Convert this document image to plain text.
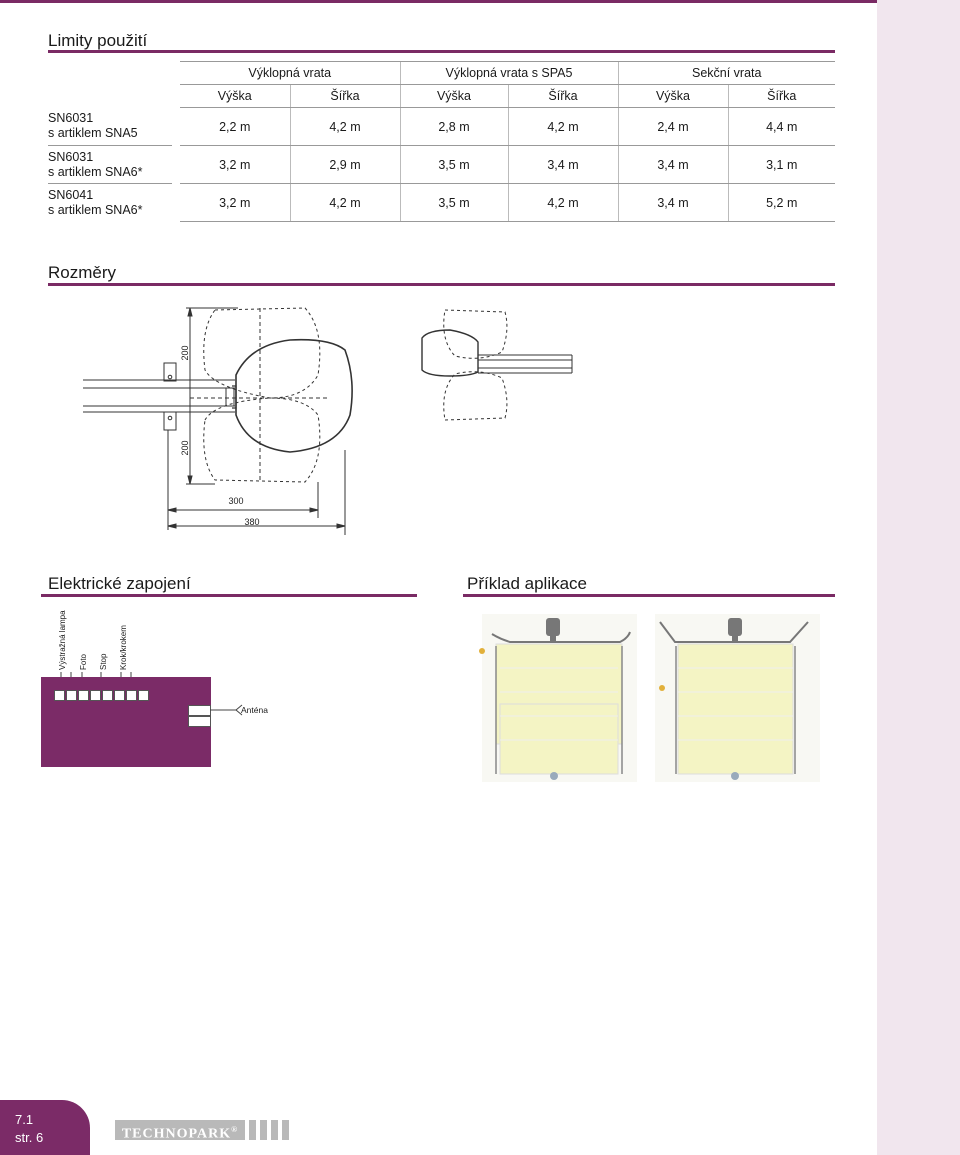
Limity použití
		Výklopná vrata		Výklopná vrata s SPA5		Sekční vrata	
		Výška	Šířka	Výška	Šířka	Výška	Šířka

SN6031
s artiklem SNA5		2,2 m	4,2 m	2,8 m	4,2 m	2,4 m	4,4 m

SN6031
s artiklem SNA6*		3,2 m	2,9 m	3,5 m	3,4 m	3,4 m	3,1 m

SN6041
s artiklem SNA6*		3,2 m	4,2 m	3,5 m	4,2 m	3,4 m	5,2 m
Rozměry
200
200
300
380
Elektrické zapojení
Výstražná lampa Foto Stop Krok/krokem
Anténa
Příklad aplikace
7.1
str. 6	TECHNOPARK®
